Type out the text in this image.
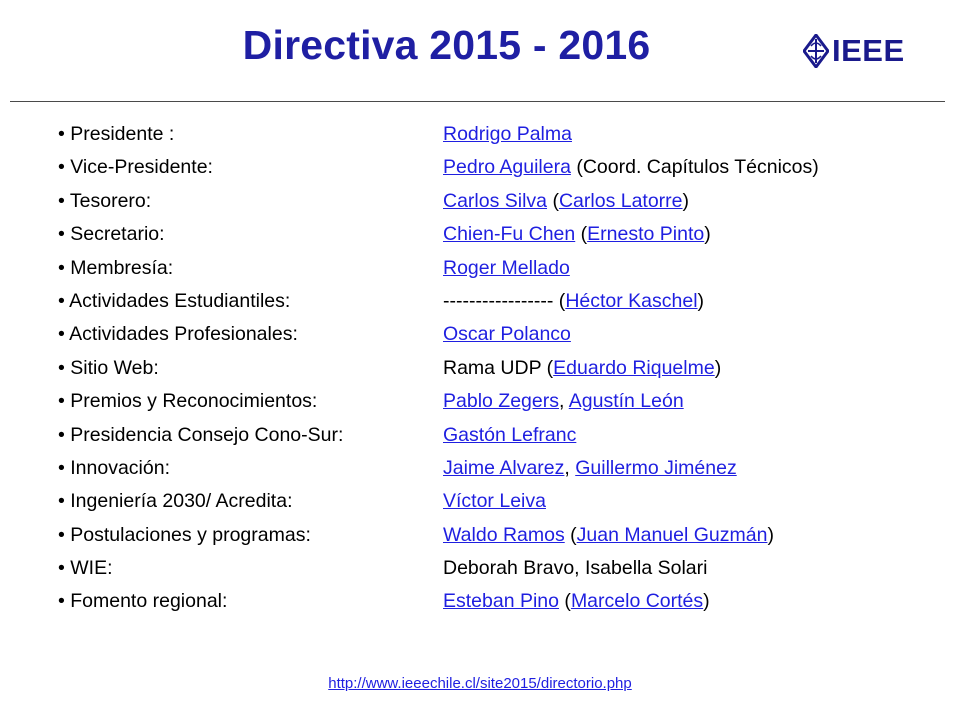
Directiva 2015 - 2016	IEEE
• Presidente :	Rodrigo Palma
• Vice-Presidente:	Pedro Aguilera (Coord. Capítulos Técnicos)
• Tesorero:	Carlos Silva (Carlos Latorre)
• Secretario:	Chien-Fu Chen (Ernesto Pinto)
• Membresía:	Roger Mellado
• Actividades Estudiantiles:	----------------- (Héctor Kaschel)
• Actividades Profesionales:	Oscar Polanco
• Sitio Web:	Rama UDP (Eduardo Riquelme)
• Premios y Reconocimientos:	Pablo Zegers, Agustín León
• Presidencia Consejo Cono-Sur:	Gastón Lefranc
• Innovación:	Jaime Alvarez, Guillermo Jiménez
• Ingeniería 2030/ Acredita:	Víctor Leiva
• Postulaciones y programas:	Waldo Ramos (Juan Manuel Guzmán)
• WIE:	Deborah Bravo, Isabella Solari
• Fomento regional:	Esteban Pino (Marcelo Cortés)
http://www.ieeechile.cl/site2015/directorio.php
